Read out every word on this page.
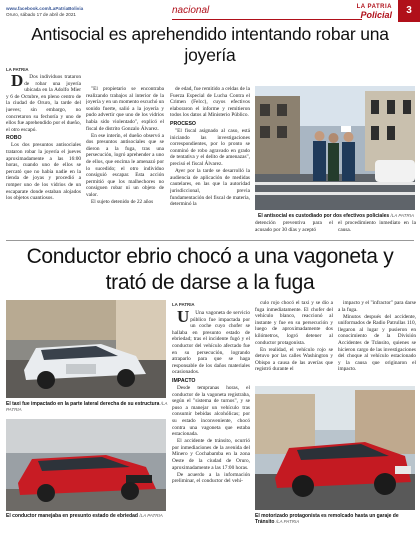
www.facebook.com/LaPatriaBolivia
Oruro, sábado 17 de abril de 2021	nacional	LA PATRIA
Policial	3
Antisocial es aprehendido intentando robar una joyería
LA PATRIA

D Dos individuos trataron de robar una joyería ubicada en la Adolfo Mier y 6 de Octubre, en pleno centro de la ciudad de Oruro, la tarde del jueves; sin embargo, no concretaron su fechoría y uno de ellos fue aprehendido por el dueño, el otro escapó.

ROBO

Los dos presuntos antisociales trataron robar la joyería el jueves aproximadamente a las 16:00 horas, cuando uno de ellos se percató que no había nadie en la tienda de joyas y procedió a romper uno de los vidrios de un escaparate donde estaban alojados los objetos cuantiosos.

"El propietario se encontraba realizando trabajos al interior de la joyería y en un momento escuchó un sonido fuerte, salió a la joyería y pudo advertir que uno de los vidrios había sido violentado", explicó el fiscal de distrito Gonzalo Álvarez.

En ese interín, el dueño observó a dos presuntos antisociales que se dieron a la fuga, tras una persecución, logró aprehender a uno de ellos, que encima le amenazó por lo sucedido; el otro individuo consiguió escapar. Esta acción permitió que los malhechores no consiguen robar ni un objeto de valor.

El sujeto detenido de 22 años

de edad, fue remitido a celdas de la Fuerza Especial de Lucha Contra el Crimen (Felcc), cuyos efectivos elaboraron el informe y remitieron todos los datos al Ministerio Público.

PROCESO

"El fiscal asignado al caso, está iniciando las investigaciones correspondientes, por lo pronto se conminó de robo agravado en grado de tentativa y el delito de amenazas", precisó el fiscal Álvarez.

Ayer por la tarde se desarrolló la audiencia de aplicación de medidas cautelares, en las que la autoridad jurisdiccional, previa fundamentación del fiscal de materia, determinó la

El antisocial es custodiado por dos efectivos policiales /LA PATRIA

detención preventiva para el acusado por 30 días y aceptó

el procedimiento inmediato en la causa.

Conductor ebrio chocó a una vagoneta y trató de darse a la fuga
El taxi fue impactado en la parte lateral derecha de su estructura /LA PATRIA
El conductor manejaba en presunto estado de ebriedad /LA PATRIA
LA PATRIA

U Una vagoneta de servicio público fue impactada por un coche cuyo chofer se hallaba en presunto estado de ebriedad; tras el incidente fugó y el conductor del vehículo afectado fue en su persecución, logrando atraparlo para que se haga responsable de los daños materiales ocasionados.

IMPACTO

Desde tempranas horas, el conductor de la vagoneta registraba, según el "sistema de turnos", y se puso a manejar un vehículo tras consumir bebidas alcohólicas; por su estado inconveniente, chocó contra una vagoneta que estaba estacionada.

El accidente de tránsito, ocurrió por inmediaciones de la avenida del Minero y Cochabamba en la zona Oeste de la ciudad de Oruro, aproximadamente a las 17:00 horas.

De acuerdo a la información preliminar, el conductor del vehí-

culo rojo chocó el taxi y se dio a fuga inmediatamente. El chofer del vehículo blanco, reaccionó al instante y fue en su persecución y luego de aproximadamente dos kilómetros, logró detener al conductor protagonista.

En realidad, el vehículo rojo se detuvo por las calles Washington y Obispo a causa de las averías que registró durante el

impacto y el "infractor" para darse a la fuga.

Minutos después del accidente, uniformados de Radio Patrullas 110, llegaron al lugar y pusieron en conocimiento de la División Accidentes de Tránsito, quienes se hicieron cargo de las investigaciones del choque al vehículo estacionado y la causa que originaron el impacto.

El motorizado protagonista es remolcado hasta un garaje de Tránsito /LA PATRIA
